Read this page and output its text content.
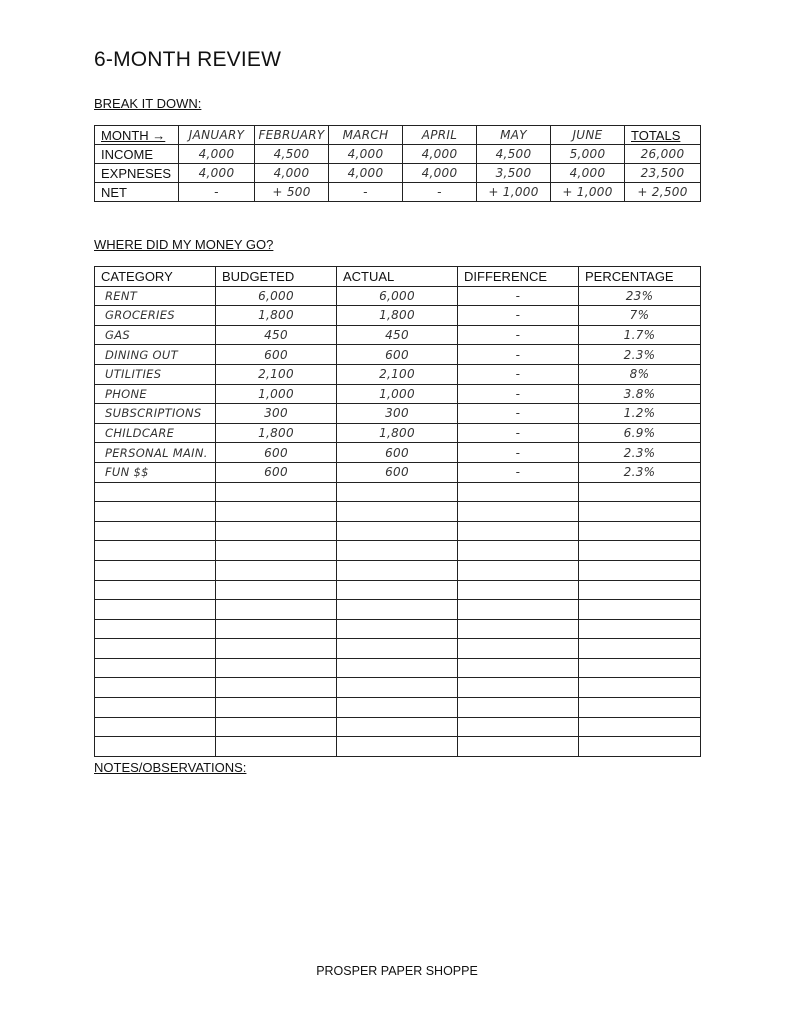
6-MONTH REVIEW

BREAK IT DOWN:

MONTH →	JANUARY	FEBRUARY	MARCH	APRIL	MAY	JUNE	TOTALS
INCOME	4,000	4,500	4,000	4,000	4,500	5,000	26,000
EXPNESES	4,000	4,000	4,000	4,000	3,500	4,000	23,500
NET	-	+ 500	-	-	+ 1,000	+ 1,000	+ 2,500

WHERE DID MY MONEY GO?

CATEGORY	BUDGETED	ACTUAL	DIFFERENCE	PERCENTAGE
RENT	6,000	6,000	-	23%
GROCERIES	1,800	1,800	-	7%
GAS	450	450	-	1.7%
DINING OUT	600	600	-	2.3%
UTILITIES	2,100	2,100	-	8%
PHONE	1,000	1,000	-	3.8%
SUBSCRIPTIONS	300	300	-	1.2%
CHILDCARE	1,800	1,800	-	6.9%
PERSONAL MAIN.	600	600	-	2.3%
FUN $$	600	600	-	2.3%

NOTES/OBSERVATIONS:

PROSPER PAPER SHOPPE
